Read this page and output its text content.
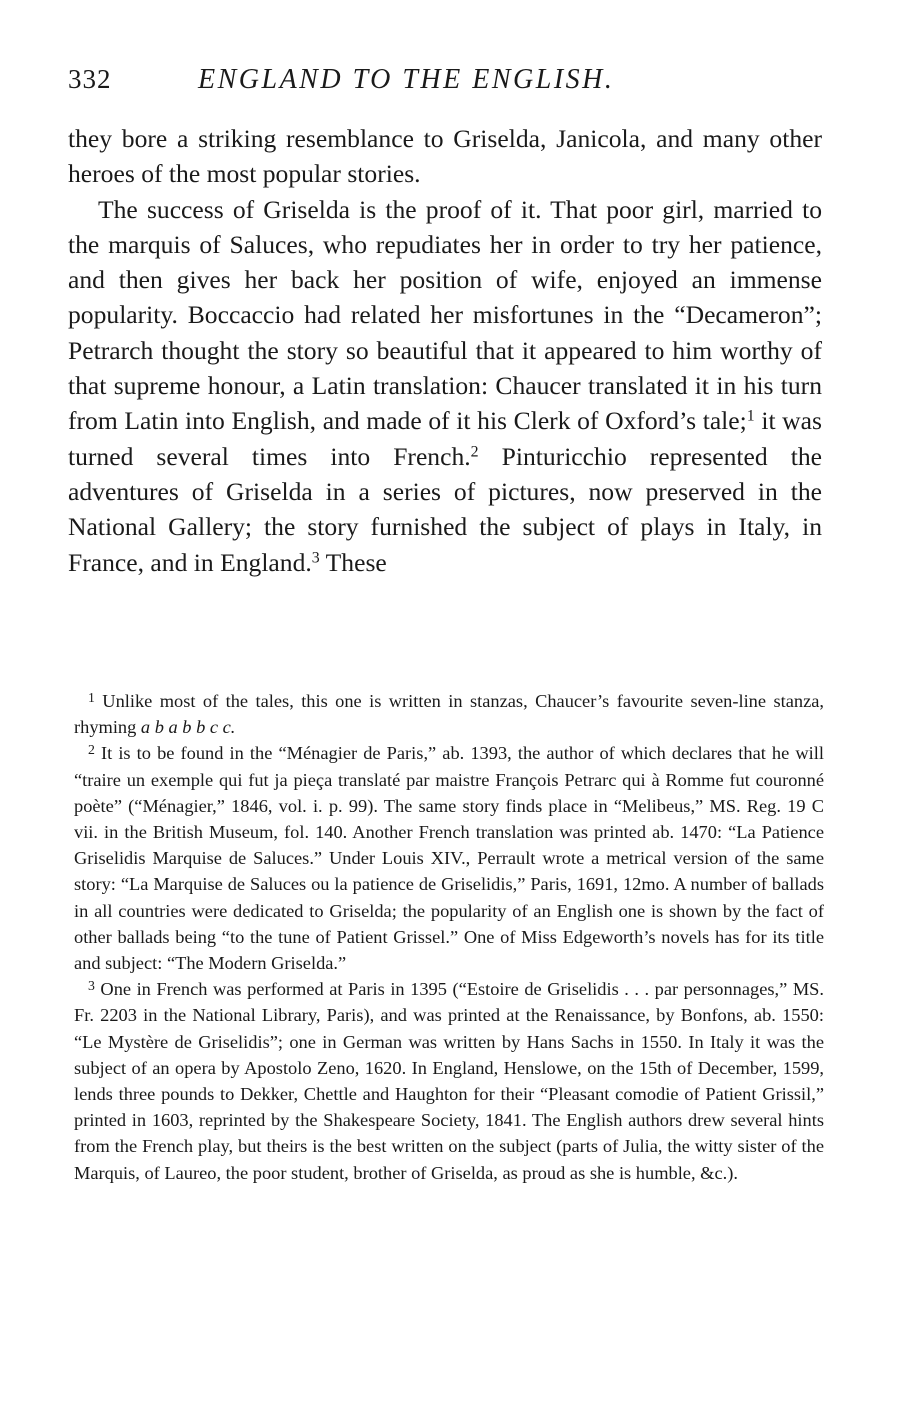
332	ENGLAND TO THE ENGLISH.

they bore a striking resemblance to Griselda, Janicola, and many other heroes of the most popular stories.

The success of Griselda is the proof of it. That poor girl, married to the marquis of Saluces, who repudiates her in order to try her patience, and then gives her back her position of wife, enjoyed an immense popularity. Boccaccio had related her misfortunes in the “Decameron”; Petrarch thought the story so beautiful that it appeared to him worthy of that supreme honour, a Latin translation: Chaucer translated it in his turn from Latin into English, and made of it his Clerk of Oxford’s tale;$^1$ it was turned several times into French.$^2$ Pinturicchio represented the adventures of Griselda in a series of pictures, now preserved in the National Gallery; the story furnished the subject of plays in Italy, in France, and in England.$^3$ These

$^1$ Unlike most of the tales, this one is written in stanzas, Chaucer’s favourite seven-line stanza, rhyming a b a b b c c.

$^2$ It is to be found in the “Ménagier de Paris,” ab. 1393, the author of which declares that he will “traire un exemple qui fut ja pieça translaté par maistre François Petrarc qui à Romme fut couronné poète” (“Ménagier,” 1846, vol. i. p. 99). The same story finds place in “Melibeus,” MS. Reg. 19 C vii. in the British Museum, fol. 140. Another French translation was printed ab. 1470: “La Patience Griselidis Marquise de Saluces.” Under Louis XIV., Perrault wrote a metrical version of the same story: “La Marquise de Saluces ou la patience de Griselidis,” Paris, 1691, 12mo. A number of ballads in all countries were dedicated to Griselda; the popularity of an English one is shown by the fact of other ballads being “to the tune of Patient Grissel.” One of Miss Edgeworth’s novels has for its title and subject: “The Modern Griselda.”

$^3$ One in French was performed at Paris in 1395 (“Estoire de Griselidis . . . par personnages,” MS. Fr. 2203 in the National Library, Paris), and was printed at the Renaissance, by Bonfons, ab. 1550: “Le Mystère de Griselidis”; one in German was written by Hans Sachs in 1550. In Italy it was the subject of an opera by Apostolo Zeno, 1620. In England, Henslowe, on the 15th of December, 1599, lends three pounds to Dekker, Chettle and Haughton for their “Pleasant comodie of Patient Grissil,” printed in 1603, reprinted by the Shakespeare Society, 1841. The English authors drew several hints from the French play, but theirs is the best written on the subject (parts of Julia, the witty sister of the Marquis, of Laureo, the poor student, brother of Griselda, as proud as she is humble, &c.).
